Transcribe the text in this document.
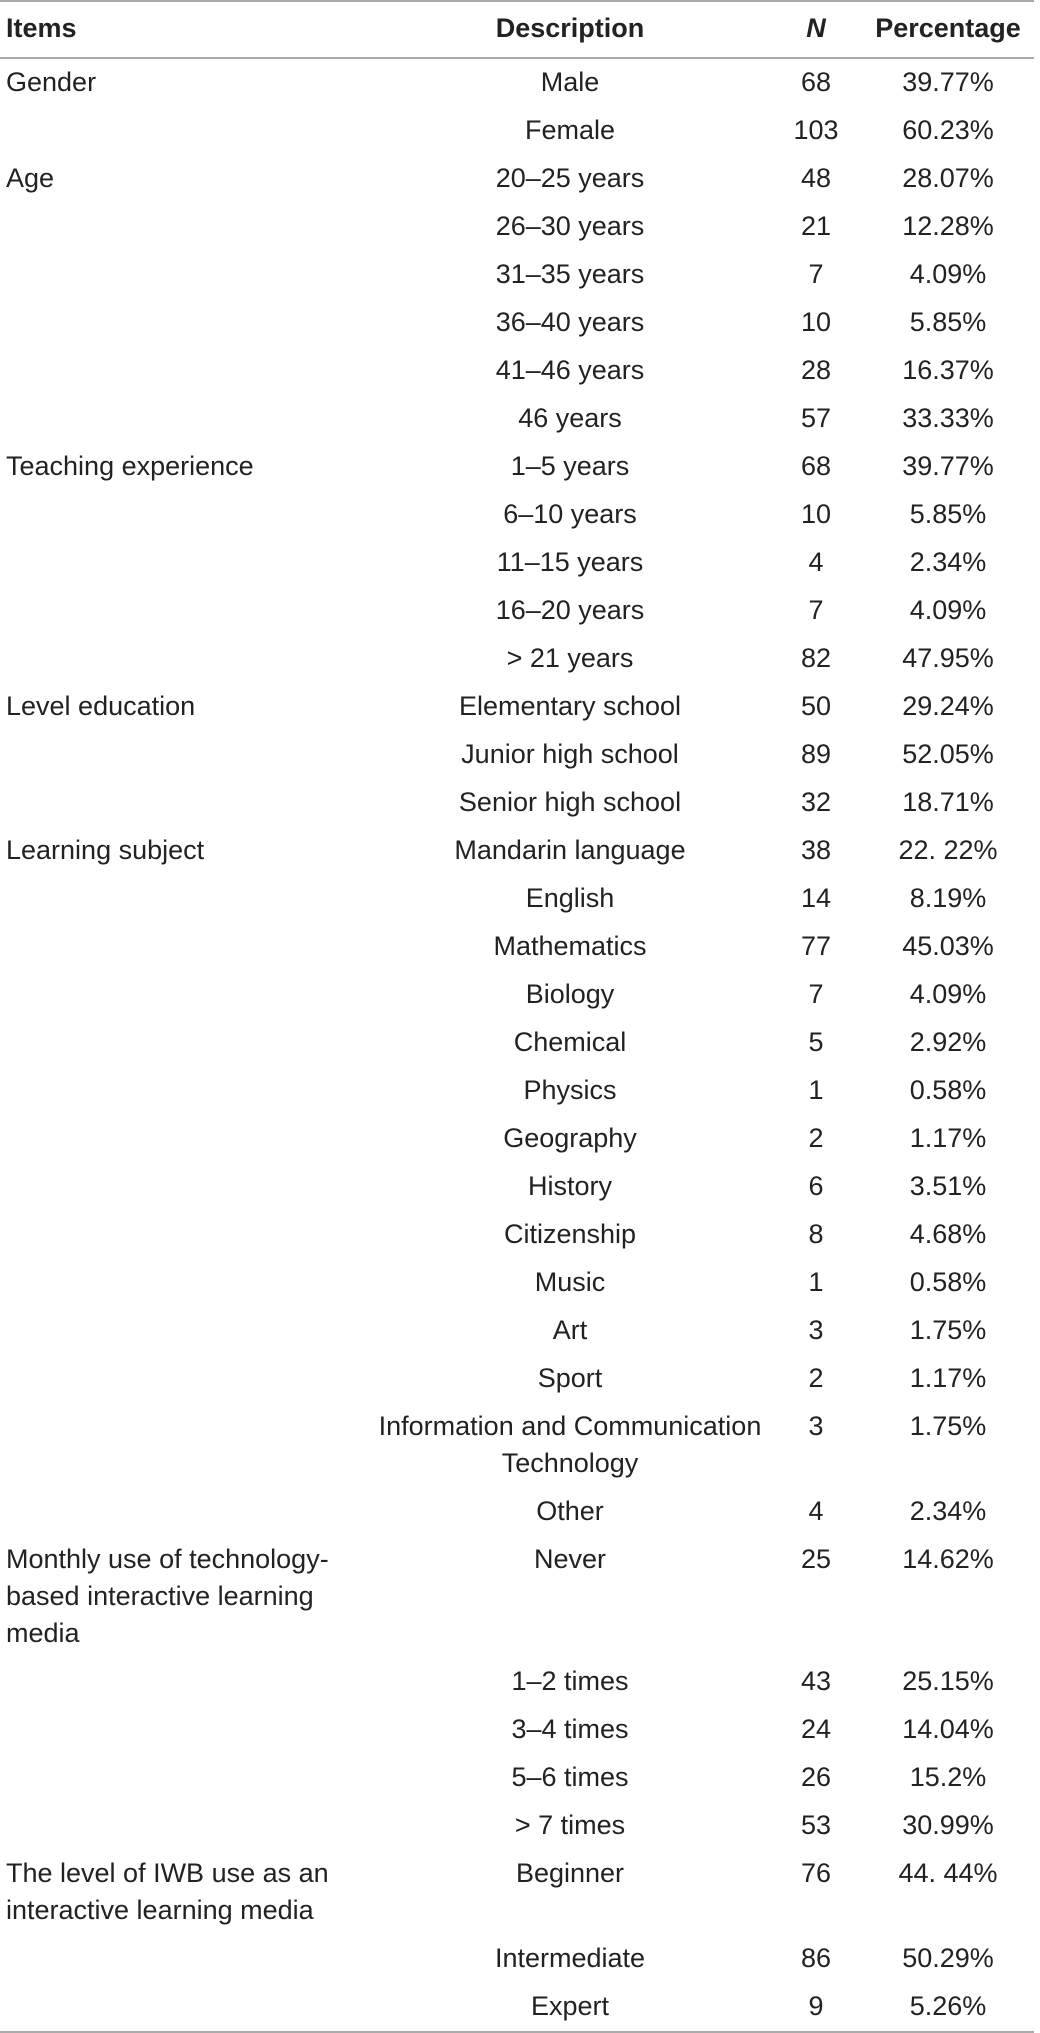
Items	Description	N	Percentage
Gender	Male	68	39.77%
	Female	103	60.23%
Age	20–25 years	48	28.07%
	26–30 years	21	12.28%
	31–35 years	7	4.09%
	36–40 years	10	5.85%
	41–46 years	28	16.37%
	46 years	57	33.33%
Teaching experience	1–5 years	68	39.77%
	6–10 years	10	5.85%
	11–15 years	4	2.34%
	16–20 years	7	4.09%
	> 21 years	82	47.95%
Level education	Elementary school	50	29.24%
	Junior high school	89	52.05%
	Senior high school	32	18.71%
Learning subject	Mandarin language	38	22. 22%
	English	14	8.19%
	Mathematics	77	45.03%
	Biology	7	4.09%
	Chemical	5	2.92%
	Physics	1	0.58%
	Geography	2	1.17%
	History	6	3.51%
	Citizenship	8	4.68%
	Music	1	0.58%
	Art	3	1.75%
	Sport	2	1.17%
	Information and Communication Technology	3	1.75%
	Other	4	2.34%
Monthly use of technology-based interactive learning media	Never	25	14.62%
	1–2 times	43	25.15%
	3–4 times	24	14.04%
	5–6 times	26	15.2%
	> 7 times	53	30.99%
The level of IWB use as an interactive learning media	Beginner	76	44. 44%
	Intermediate	86	50.29%
	Expert	9	5.26%
